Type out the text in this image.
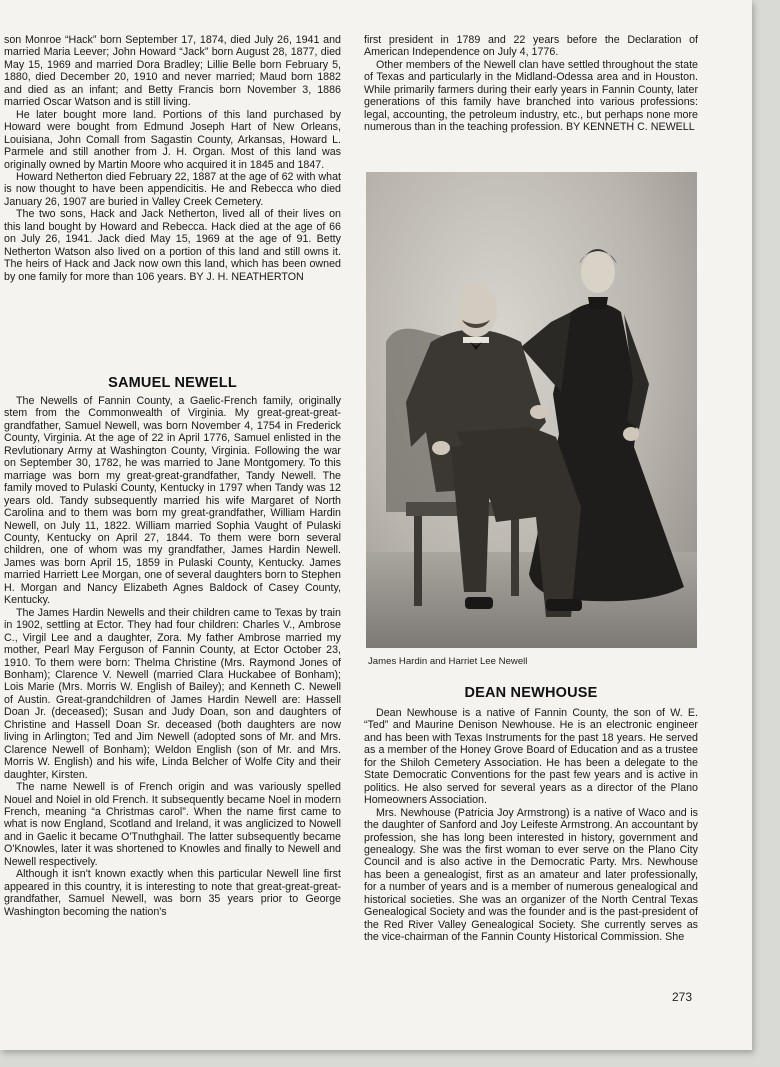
son Monroe “Hack” born September 17, 1874, died July 26, 1941 and married Maria Leever; John Howard “Jack” born August 28, 1877, died May 15, 1969 and married Dora Bradley; Lillie Belle born February 5, 1880, died December 20, 1910 and never married; Maud born 1882 and died as an infant; and Betty Francis born November 3, 1886 married Oscar Watson and is still living.

He later bought more land. Portions of this land purchased by Howard were bought from Edmund Joseph Hart of New Orleans, Louisiana, John Comall from Sagastin County, Arkansas, Howard L. Parmele and still another from J. H. Organ. Most of this land was originally owned by Martin Moore who acquired it in 1845 and 1847.

Howard Netherton died February 22, 1887 at the age of 62 with what is now thought to have been appendicitis. He and Rebecca who died January 26, 1907 are buried in Valley Creek Cemetery.

The two sons, Hack and Jack Netherton, lived all of their lives on this land bought by Howard and Rebecca. Hack died at the age of 66 on July 26, 1941. Jack died May 15, 1969 at the age of 91. Betty Netherton Watson also lived on a portion of this land and still owns it. The heirs of Hack and Jack now own this land, which has been owned by one family for more than 106 years. BY J. H. NEATHERTON

SAMUEL NEWELL

The Newells of Fannin County, a Gaelic-French family, originally stem from the Commonwealth of Virginia. My great-great-great-grandfather, Samuel Newell, was born November 4, 1754 in Frederick County, Virginia. At the age of 22 in April 1776, Samuel enlisted in the Revlutionary Army at Washington County, Virginia. Following the war on September 30, 1782, he was married to Jane Montgomery. To this marriage was born my great-great-grandfather, Tandy Newell. The family moved to Pulaski County, Kentucky in 1797 when Tandy was 12 years old. Tandy subsequently married his wife Margaret of North Carolina and to them was born my great-grandfather, William Hardin Newell, on July 11, 1822. William married Sophia Vaught of Pulaski County, Kentucky on April 27, 1844. To them were born several children, one of whom was my grandfather, James Hardin Newell. James was born April 15, 1859 in Pulaski County, Kentucky. James married Harriett Lee Morgan, one of several daughters born to Stephen H. Morgan and Nancy Elizabeth Agnes Baldock of Casey County, Kentucky.

The James Hardin Newells and their children came to Texas by train in 1902, settling at Ector. They had four children: Charles V., Ambrose C., Virgil Lee and a daughter, Zora. My father Ambrose married my mother, Pearl May Ferguson of Fannin County, at Ector October 23, 1910. To them were born: Thelma Christine (Mrs. Raymond Jones of Bonham); Clarence V. Newell (married Clara Huckabee of Bonham); Lois Marie (Mrs. Morris W. English of Bailey); and Kenneth C. Newell of Austin. Great-grandchildren of James Hardin Newell are: Hassell Doan Jr. (deceased); Susan and Judy Doan, son and daughters of Christine and Hassell Doan Sr. deceased (both daughters are now living in Arlington; Ted and Jim Newell (adopted sons of Mr. and Mrs. Clarence Newell of Bonham); Weldon English (son of Mr. and Mrs. Morris W. English) and his wife, Linda Belcher of Wolfe City and their daughter, Kirsten.

The name Newell is of French origin and was variously spelled Nouel and Noiel in old French. It subsequently became Noel in modern French, meaning “a Christmas carol”. When the name first came to what is now England, Scotland and Ireland, it was anglicized to Nowell and in Gaelic it became O'Tnuthghail. The latter subsequently became O'Knowles, later it was shortened to Knowles and finally to Newell and Newell respectively.

Although it isn't known exactly when this particular Newell line first appeared in this country, it is interesting to note that great-great-great-grandfather, Samuel Newell, was born 35 years prior to George Washington becoming the nation's

first president in 1789 and 22 years before the Declaration of American Independence on July 4, 1776.

Other members of the Newell clan have settled throughout the state of Texas and particularly in the Midland-Odessa area and in Houston. While primarily farmers during their early years in Fannin County, later generations of this family have branched into various professions: legal, accounting, the petroleum industry, etc., but perhaps none more numerous than in the teaching profession. BY KENNETH C. NEWELL

James Hardin and Harriet Lee Newell
DEAN NEWHOUSE

Dean Newhouse is a native of Fannin County, the son of W. E. “Ted” and Maurine Denison Newhouse. He is an electronic engineer and has been with Texas Instruments for the past 18 years. He served as a member of the Honey Grove Board of Education and as a trustee for the Shiloh Cemetery Association. He has been a delegate to the State Democratic Conventions for the past few years and is active in politics. He also served for several years as a director of the Plano Homeowners Association.

Mrs. Newhouse (Patricia Joy Armstrong) is a native of Waco and is the daughter of Sanford and Joy Leifeste Armstrong. An accountant by profession, she has long been interested in history, government and genealogy. She was the first woman to ever serve on the Plano City Council and is also active in the Democratic Party. Mrs. Newhouse has been a genealogist, first as an amateur and later professionally, for a number of years and is a member of numerous genealogical and historical societies. She was an organizer of the North Central Texas Genealogical Society and was the founder and is the past-president of the Red River Valley Genealogical Society. She currently serves as the vice-chairman of the Fannin County Historical Commission. She

273
